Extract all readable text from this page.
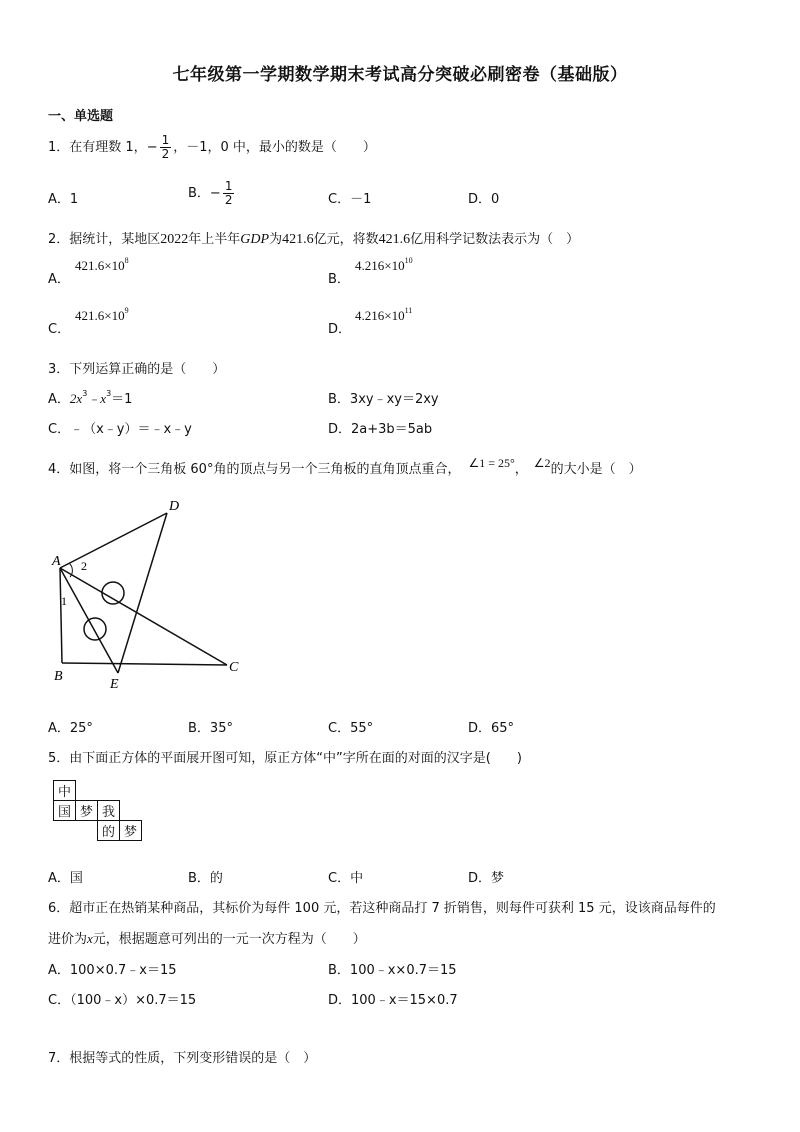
七年级第一学期数学期末考试高分突破必刷密卷（基础版）
一、单选题
1．在有理数 1，− $\frac{1}{2}$ ，－1，0 中，最小的数是（　　）
A．1	B．− $\frac{1}{2}$	C．－1	D．0
2．据统计，某地区2022年上半年GDP为421.6亿元，将数421.6亿用科学记数法表示为（　）
A．
$421.6\times 10^8$
B．
$4.216\times 10^{10}$
C．
$421.6\times 10^9$
D．
$4.216\times 10^{11}$
3．下列运算正确的是（　　）
A．$2x^3﹣x^3=1$	B．3xy﹣xy＝2xy
C．﹣（x﹣y）＝﹣x﹣y	D．2a+3b＝5ab
4．如图，将一个三角板 60°角的顶点与另一个三角板的直角顶点重合， ∠1 = 25°， ∠2的大小是（　）
A
B
C
D
E
1
2
A．25°	B．35°	C．55°	D．65°
5．由下面正方体的平面展开图可知，原正方体“中”字所在面的对面的汉字是(　　)
中			
国	梦	我	
		的	梦
A．国	B．的	C．中	D．梦
6．超市正在热销某种商品，其标价为每件 100 元，若这种商品打 7 折销售，则每件可获利 15 元，设该商品每件的
进价为x元，根据题意可列出的一元一次方程为（　　）
A．100×0.7﹣x＝15	B．100﹣x×0.7＝15
C．（100﹣x）×0.7＝15	D．100﹣x＝15×0.7
7．根据等式的性质，下列变形错误的是（　）
